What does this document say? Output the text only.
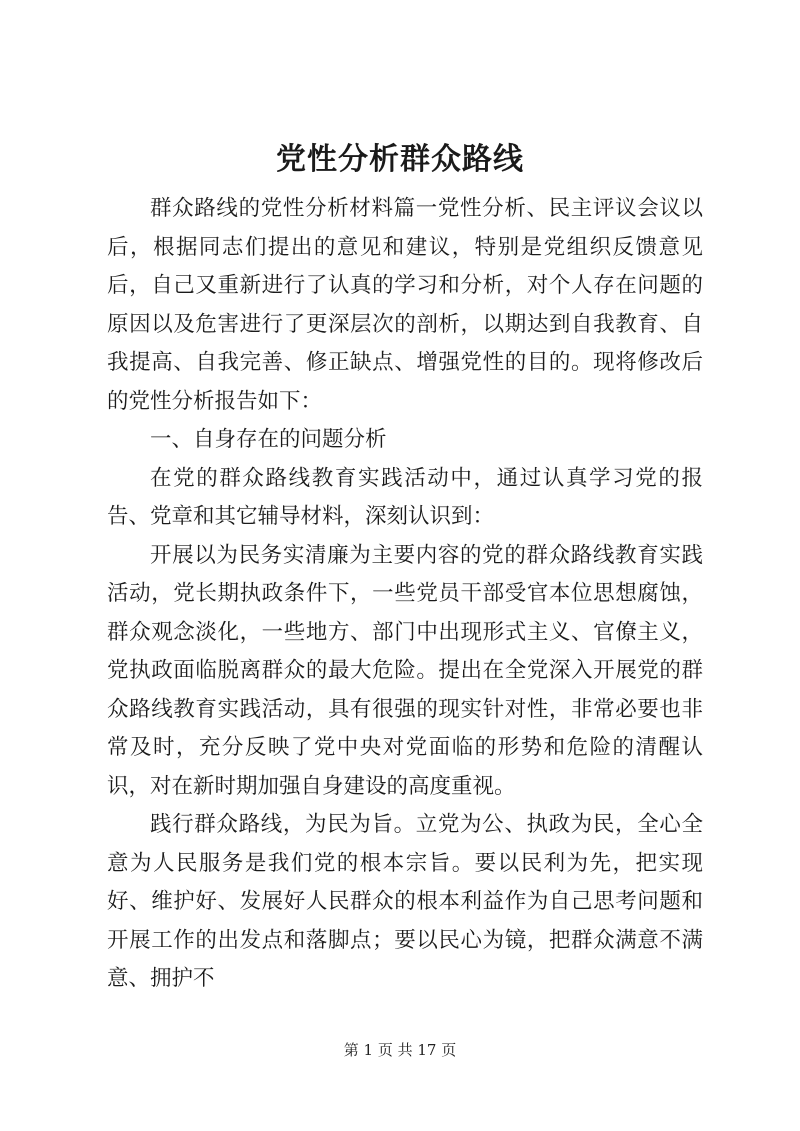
党性分析群众路线

群众路线的党性分析材料篇一党性分析、民主评议会议以后，根据同志们提出的意见和建议，特别是党组织反馈意见后，自己又重新进行了认真的学习和分析，对个人存在问题的原因以及危害进行了更深层次的剖析，以期达到自我教育、自我提高、自我完善、修正缺点、增强党性的目的。现将修改后的党性分析报告如下：

一、自身存在的问题分析

在党的群众路线教育实践活动中，通过认真学习党的报告、党章和其它辅导材料，深刻认识到：

开展以为民务实清廉为主要内容的党的群众路线教育实践活动，党长期执政条件下，一些党员干部受官本位思想腐蚀，群众观念淡化，一些地方、部门中出现形式主义、官僚主义，党执政面临脱离群众的最大危险。提出在全党深入开展党的群众路线教育实践活动，具有很强的现实针对性，非常必要也非常及时，充分反映了党中央对党面临的形势和危险的清醒认识，对在新时期加强自身建设的高度重视。

践行群众路线，为民为旨。立党为公、执政为民，全心全意为人民服务是我们党的根本宗旨。要以民利为先，把实现好、维护好、发展好人民群众的根本利益作为自己思考问题和开展工作的出发点和落脚点；要以民心为镜，把群众满意不满意、拥护不

第 1 页 共 17 页
